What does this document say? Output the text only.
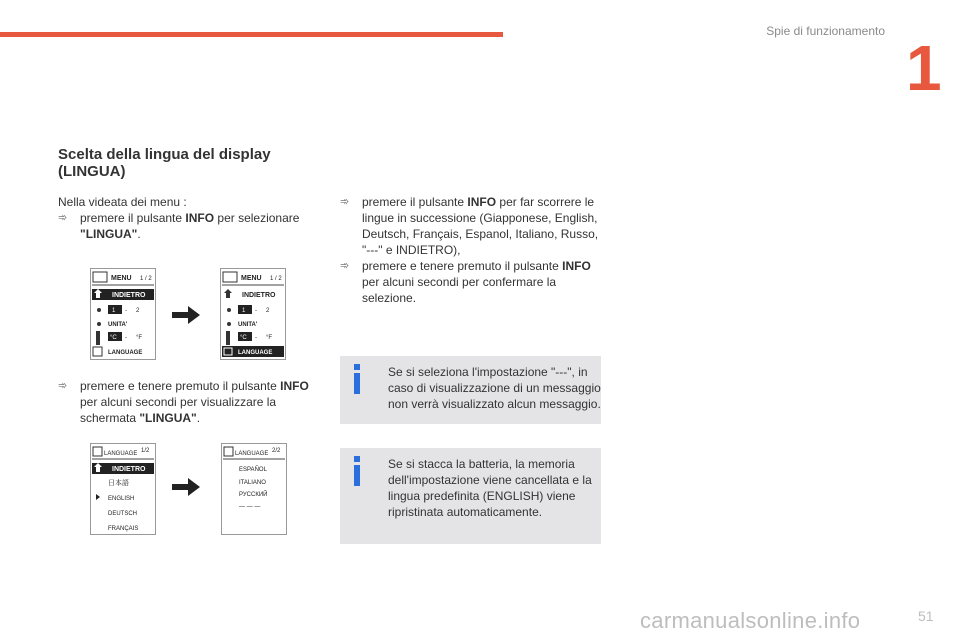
Spie di funzionamento
1
Scelta della lingua del display
(LINGUA)
Nella videata dei menu :
➾ premere il pulsante INFO per selezionare
"LINGUA".
➾ premere e tenere premuto il pulsante INFO per alcuni secondi per visualizzare la schermata "LINGUA".
➾ premere il pulsante INFO per far scorrere le lingue in successione (Giapponese, English, Deutsch, Français, Espanol, Italiano, Russo, "---" e INDIETRO),
➾ premere e tenere premuto il pulsante INFO per alcuni secondi per confermare la selezione.
Se si seleziona l'impostazione "---", in caso di visualizzazione di un messaggio non verrà visualizzato alcun messaggio.
Se si stacca la batteria, la memoria dell'impostazione viene cancellata e la lingua predefinita (ENGLISH) viene ripristinata automaticamente.
MENU 1 / 2
INDIETRO
1 - 2
UNITA'
°C - °F
LANGUAGE
MENU 1 / 2
INDIETRO
1 - 2
UNITA'
°C - °F
LANGUAGE
LANGUAGE 1/2
INDIETRO
日本語
ENGLISH
DEUTSCH
FRANÇAIS
LANGUAGE 2/2
ESPAÑOL
ITALIANO
РУССКИЙ
— — —
carmanualsonline.info	51
